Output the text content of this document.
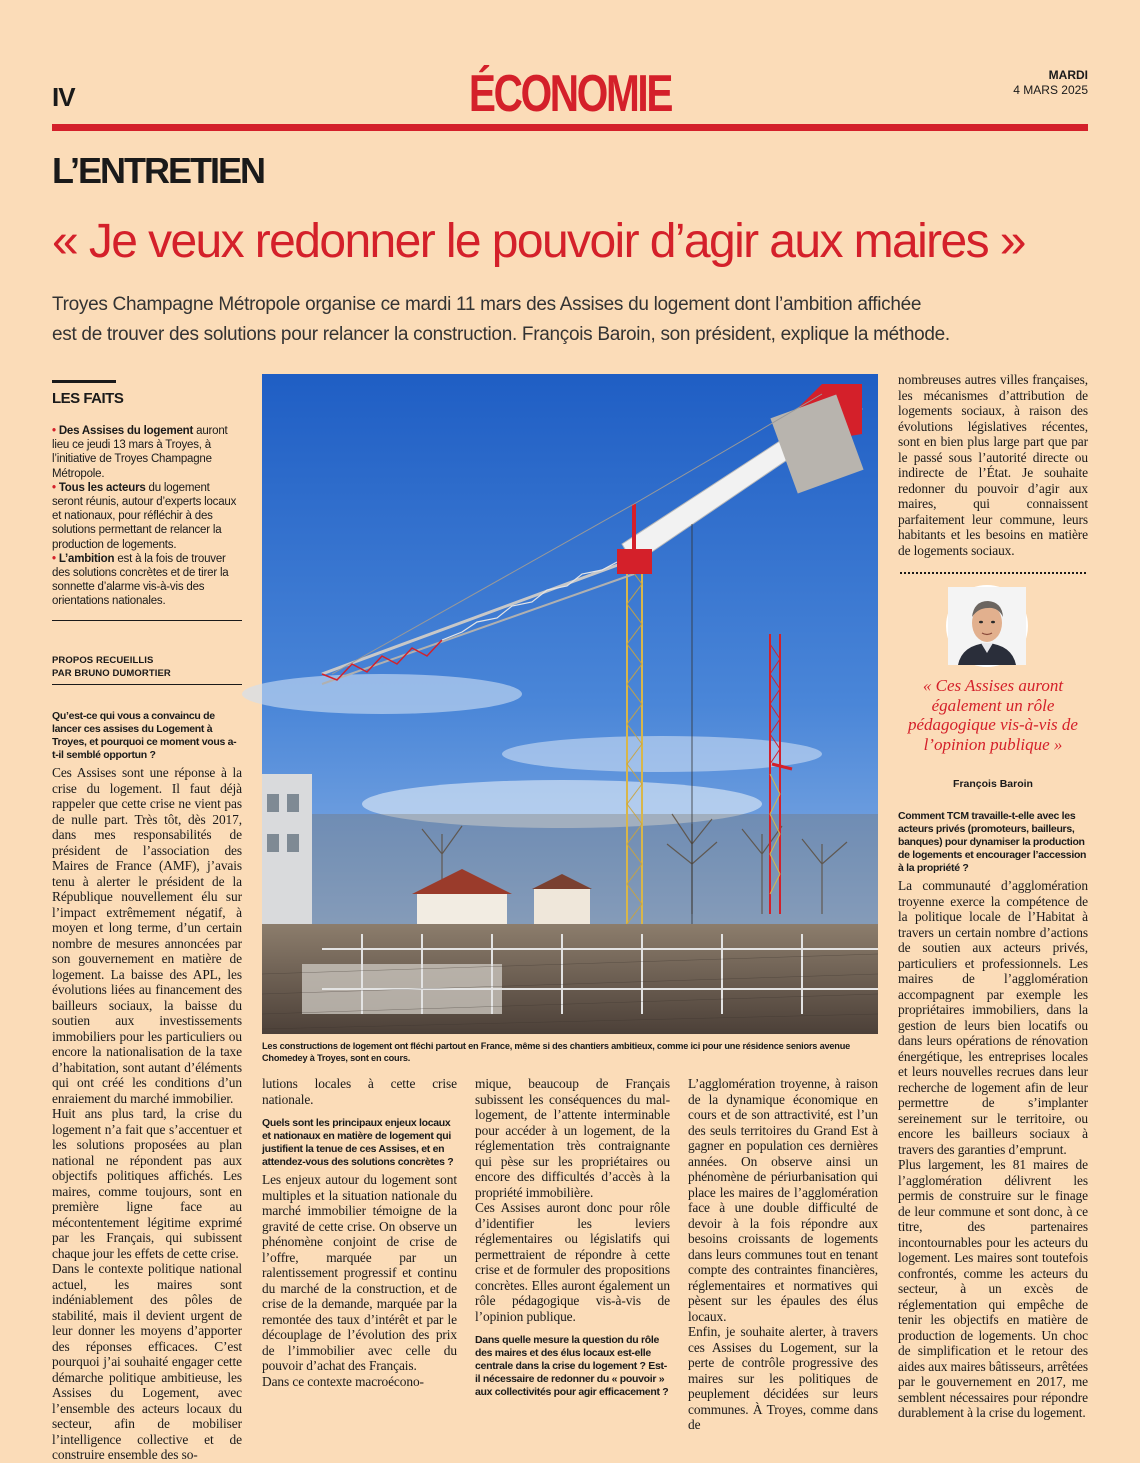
IV	ÉCONOMIE	MARDI
4 MARS 2025
L’ENTRETIEN
« Je veux redonner le pouvoir d’agir aux maires »
Troyes Champagne Métropole organise ce mardi 11 mars des Assises du logement dont l’ambition affichée
est de trouver des solutions pour relancer la construction. François Baroin, son président, explique la méthode.
LES FAITS
• Des Assises du logement auront lieu ce jeudi 13 mars à Troyes, à l’initiative de Troyes Champagne Métropole.
• Tous les acteurs du logement seront réunis, autour d’experts locaux et nationaux, pour réfléchir à des solutions permettant de relancer la production de logements.
• L’ambition est à la fois de trouver des solutions concrètes et de tirer la sonnette d’alarme vis-à-vis des orientations nationales.
PROPOS RECUEILLIS
PAR BRUNO DUMORTIER

Qu’est-ce qui vous a convaincu de lancer ces assises du Logement à Troyes, et pourquoi ce moment vous a-t-il semblé opportun ?

Ces Assises sont une réponse à la crise du logement. Il faut déjà rappeler que cette crise ne vient pas de nulle part. Très tôt, dès 2017, dans mes responsabilités de président de l’association des Maires de France (AMF), j’avais tenu à alerter le président de la République nouvellement élu sur l’impact extrêmement négatif, à moyen et long terme, d’un certain nombre de mesures annoncées par son gouvernement en matière de logement. La baisse des APL, les évolutions liées au financement des bailleurs sociaux, la baisse du soutien aux investissements immobiliers pour les particuliers ou encore la nationalisation de la taxe d’habitation, sont autant d’éléments qui ont créé les conditions d’un enraiement du marché immobilier.

Huit ans plus tard, la crise du logement n’a fait que s’accentuer et les solutions proposées au plan national ne répondent pas aux objectifs politiques affichés. Les maires, comme toujours, sont en première ligne face au mécontentement légitime exprimé par les Français, qui subissent chaque jour les effets de cette crise.

Dans le contexte politique national actuel, les maires sont indéniablement des pôles de stabilité, mais il devient urgent de leur donner les moyens d’apporter des réponses efficaces. C’est pourquoi j’ai souhaité engager cette démarche politique ambitieuse, les Assises du Logement, avec l’ensemble des acteurs locaux du secteur, afin de mobiliser l’intelligence collective et de construire ensemble des so-

Les constructions de logement ont fléchi partout en France, même si des chantiers ambitieux, comme ici pour une résidence seniors avenue Chomedey à Troyes, sont en cours.

lutions locales à cette crise nationale.

Quels sont les principaux enjeux locaux et nationaux en matière de logement qui justifient la tenue de ces Assises, et en attendez-vous des solutions concrètes ?

Les enjeux autour du logement sont multiples et la situation nationale du marché immobilier témoigne de la gravité de cette crise. On observe un phénomène conjoint de crise de l’offre, marquée par un ralentissement progressif et continu du marché de la construction, et de crise de la demande, marquée par la remontée des taux d’intérêt et par le découplage de l’évolution des prix de l’immobilier avec celle du pouvoir d’achat des Français.

Dans ce contexte macroécono-

mique, beaucoup de Français subissent les conséquences du mal-logement, de l’attente interminable pour accéder à un logement, de la réglementation très contraignante qui pèse sur les propriétaires ou encore des difficultés d’accès à la propriété immobilière.

Ces Assises auront donc pour rôle d’identifier les leviers réglementaires ou législatifs qui permettraient de répondre à cette crise et de formuler des propositions concrètes. Elles auront également un rôle pédagogique vis-à-vis de l’opinion publique.

Dans quelle mesure la question du rôle des maires et des élus locaux est-elle centrale dans la crise du logement ? Est-il nécessaire de redonner du « pouvoir » aux collectivités pour agir efficacement ?

L’agglomération troyenne, à raison de la dynamique économique en cours et de son attractivité, est l’un des seuls territoires du Grand Est à gagner en population ces dernières années. On observe ainsi un phénomène de périurbanisation qui place les maires de l’agglomération face à une double difficulté de devoir à la fois répondre aux besoins croissants de logements dans leurs communes tout en tenant compte des contraintes financières, réglementaires et normatives qui pèsent sur les épaules des élus locaux.

Enfin, je souhaite alerter, à travers ces Assises du Logement, sur la perte de contrôle progressive des maires sur les politiques de peuplement décidées sur leurs communes. À Troyes, comme dans de

nombreuses autres villes françaises, les mécanismes d’attribution de logements sociaux, à raison des évolutions législatives récentes, sont en bien plus large part que par le passé sous l’autorité directe ou indirecte de l’État. Je souhaite redonner du pouvoir d’agir aux maires, qui connaissent parfaitement leur commune, leurs habitants et les besoins en matière de logements sociaux.

« Ces Assises auront également un rôle pédagogique vis-à-vis de l’opinion publique »
François Baroin

Comment TCM travaille-t-elle avec les acteurs privés (promoteurs, bailleurs, banques) pour dynamiser la production de logements et encourager l’accession à la propriété ?

La communauté d’agglomération troyenne exerce la compétence de la politique locale de l’Habitat à travers un certain nombre d’actions de soutien aux acteurs privés, particuliers et professionnels. Les maires de l’agglomération accompagnent par exemple les propriétaires immobiliers, dans la gestion de leurs bien locatifs ou dans leurs opérations de rénovation énergétique, les entreprises locales et leurs nouvelles recrues dans leur recherche de logement afin de leur permettre de s’implanter sereinement sur le territoire, ou encore les bailleurs sociaux à travers des garanties d’emprunt.

Plus largement, les 81 maires de l’agglomération délivrent les permis de construire sur le finage de leur commune et sont donc, à ce titre, des partenaires incontournables pour les acteurs du logement. Les maires sont toutefois confrontés, comme les acteurs du secteur, à un excès de réglementation qui empêche de tenir les objectifs en matière de production de logements. Un choc de simplification et le retour des aides aux maires bâtisseurs, arrêtées par le gouvernement en 2017, me semblent nécessaires pour répondre durablement à la crise du logement.
